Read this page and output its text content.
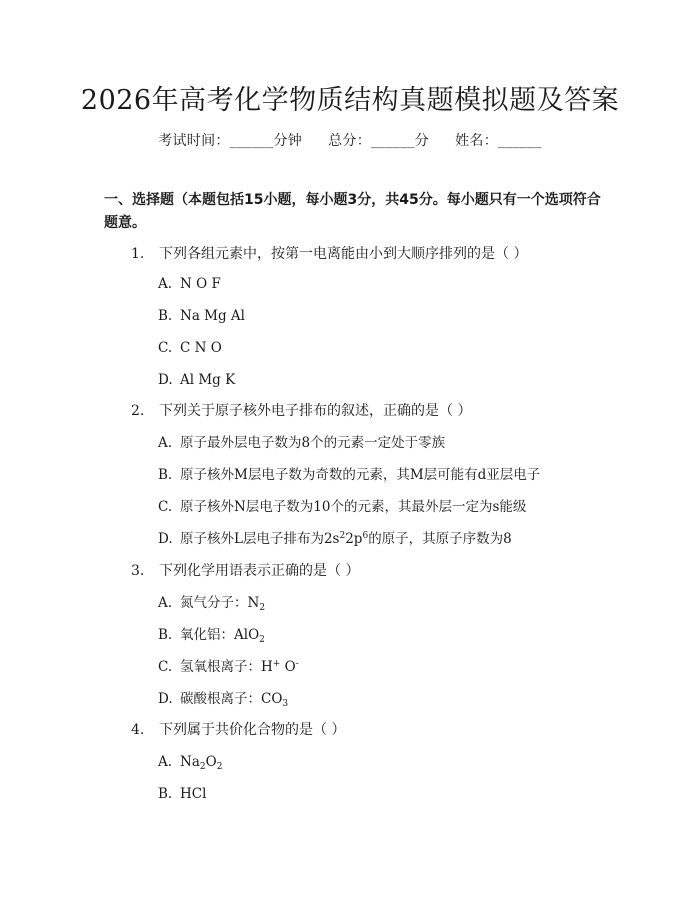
2026年高考化学物质结构真题模拟题及答案
考试时间：______分钟 总分：______分 姓名：______
一、选择题（本题包括15小题，每小题3分，共45分。每小题只有一个选项符合题意。
1. 下列各组元素中，按第一电离能由小到大顺序排列的是（ ）
A. N O F
B. Na Mg Al
C. C N O
D. Al Mg K
2. 下列关于原子核外电子排布的叙述，正确的是（ ）
A. 原子最外层电子数为8个的元素一定处于零族
B. 原子核外M层电子数为奇数的元素，其M层可能有d亚层电子
C. 原子核外N层电子数为10个的元素，其最外层一定为s能级
D. 原子核外L层电子排布为$2s^22p^6$的原子，其原子序数为8
3. 下列化学用语表示正确的是（ ）
A. 氮气分子：$N_2$
B. 氧化铝：AlO$_2$
C. 氢氧根离子：H+ O-
D. 碳酸根离子：$CO_3$
4. 下列属于共价化合物的是（ ）
A. $Na_2O_2$
B. HCl
